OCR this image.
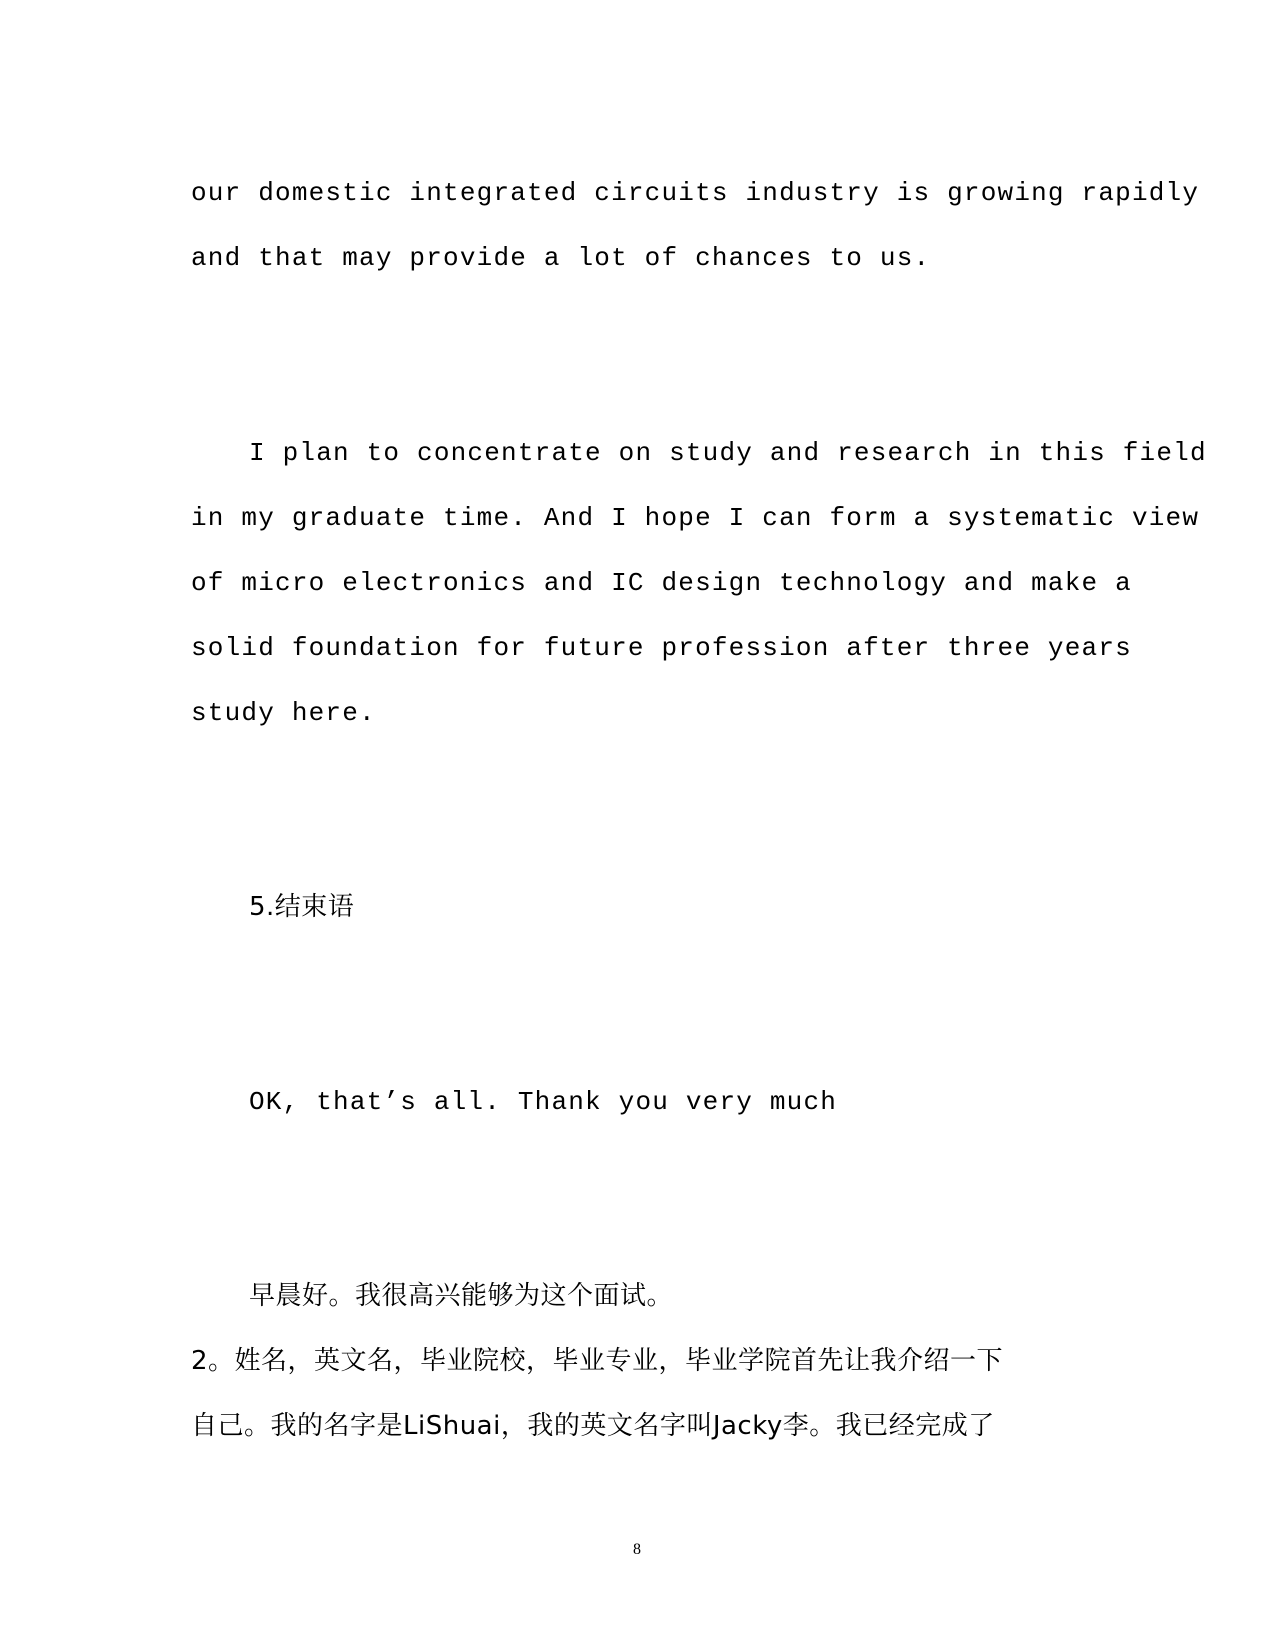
our domestic integrated circuits industry is growing rapidly
and that may provide a lot of chances to us.
I plan to concentrate on study and research in this field
in my graduate time. And I hope I can form a systematic view
of micro electronics and IC design technology and make a
solid foundation for future profession after three years
study here.
5.结束语
OK, that’s all. Thank you very much
早晨好。我很高兴能够为这个面试。
2。姓名，英文名，毕业院校，毕业专业，毕业学院首先让我介绍一下
自己。我的名字是LiShuai，我的英文名字叫Jacky李。我已经完成了
8
